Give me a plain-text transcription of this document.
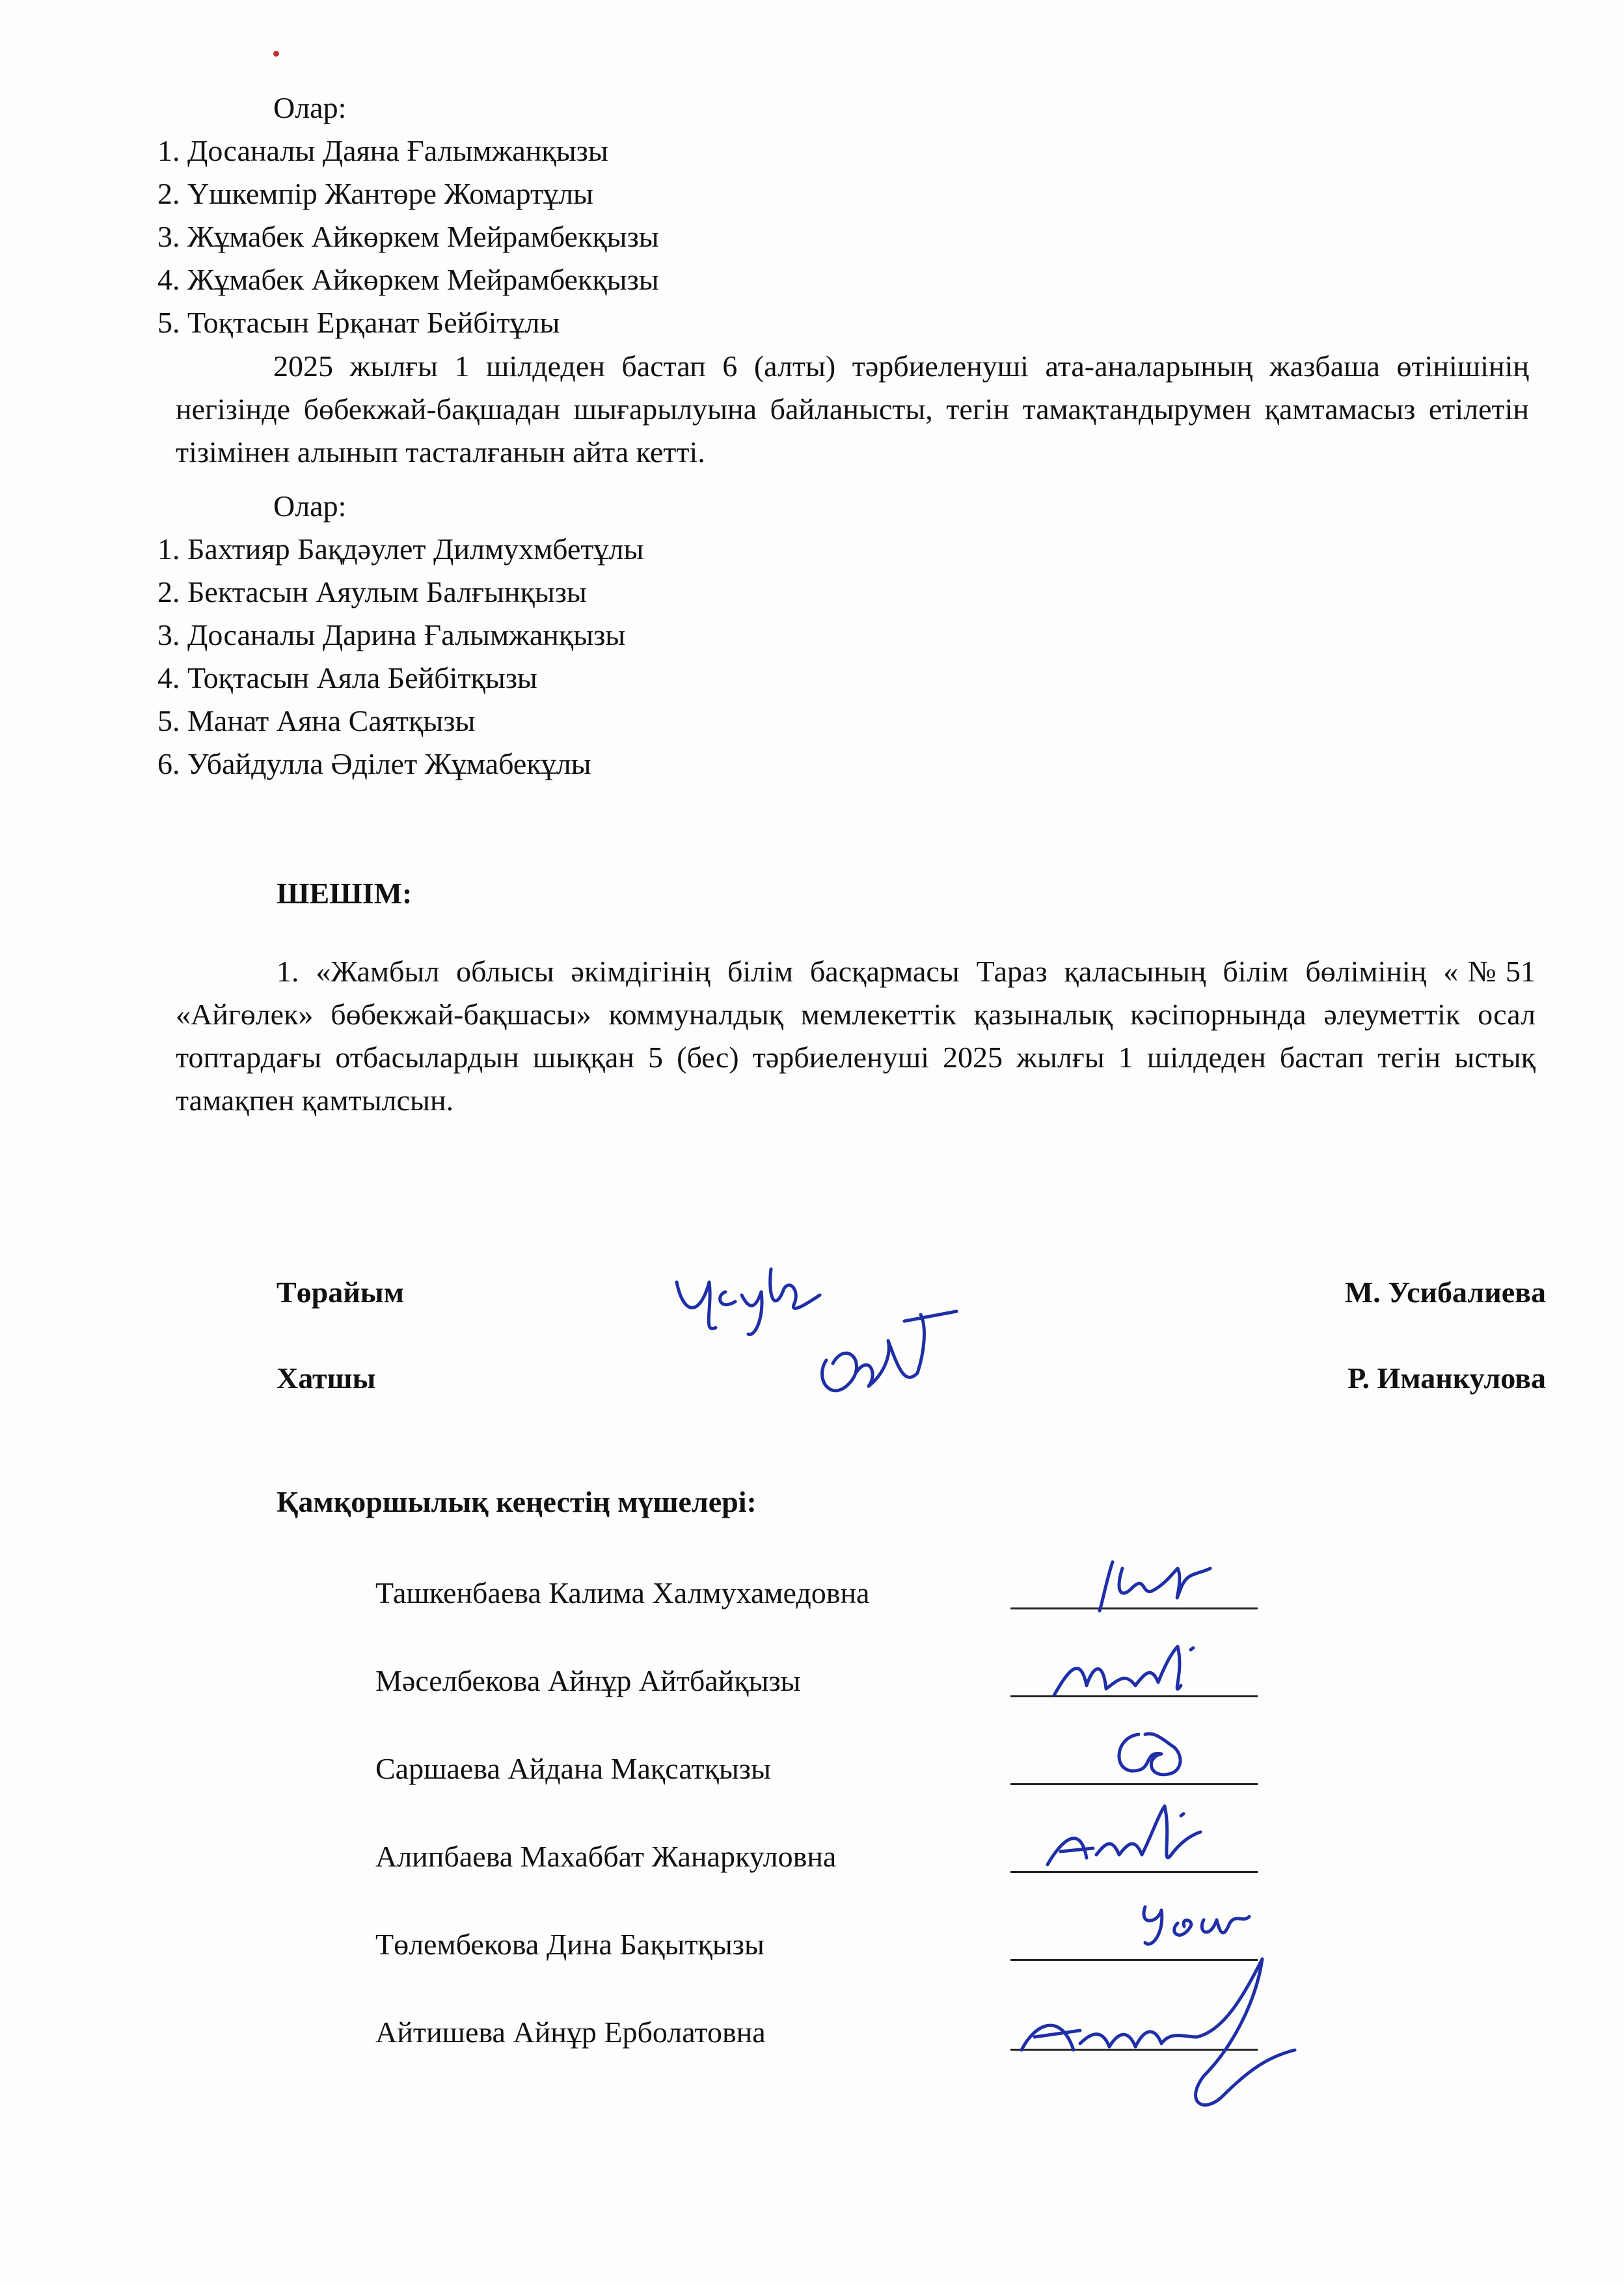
Олар:
1. Досаналы Даяна Ғалымжанқызы
2. Үшкемпір Жантөре Жомартұлы
3. Жұмабек Айкөркем Мейрамбекқызы
4. Жұмабек Айкөркем Мейрамбекқызы
5. Тоқтасын Ерқанат Бейбітұлы
2025 жылғы 1 шілдеден бастап 6 (алты) тәрбиеленуші ата-аналарының жазбаша өтінішінің негізінде бөбекжай-бақшадан шығарылуына байланысты, тегін тамақтандырумен қамтамасыз етілетін тізімінен алынып тасталғанын айта кетті.
Олар:
1. Бахтияр Бақдәулет Дилмухмбетұлы
2. Бектасын Аяулым Балғынқызы
3. Досаналы Дарина Ғалымжанқызы
4. Тоқтасын Аяла Бейбітқызы
5. Манат Аяна Саятқызы
6. Убайдулла Әділет Жұмабекұлы
ШЕШІМ:
1. «Жамбыл облысы әкімдігінің білім басқармасы Тараз қаласының білім бөлімінің «№51 «Айгөлек» бөбекжай-бақшасы» коммуналдық мемлекеттік қазыналық кәсіпорнында әлеуметтік осал топтардағы отбасылардын шыққан 5 (бес) тәрбиеленуші 2025 жылғы 1 шілдеден бастап тегін ыстық тамақпен қамтылсын.
Төрайым	М. Усибалиева
Хатшы	Р. Иманкулова
Қамқоршылық кеңестің мүшелері:
Ташкенбаева Калима Халмухамедовна
Мәселбекова Айнұр Айтбайқызы
Саршаева Айдана Мақсатқызы
Алипбаева Махаббат Жанаркуловна
Төлембекова Дина Бақытқызы
Айтишева Айнұр Ерболатовна
